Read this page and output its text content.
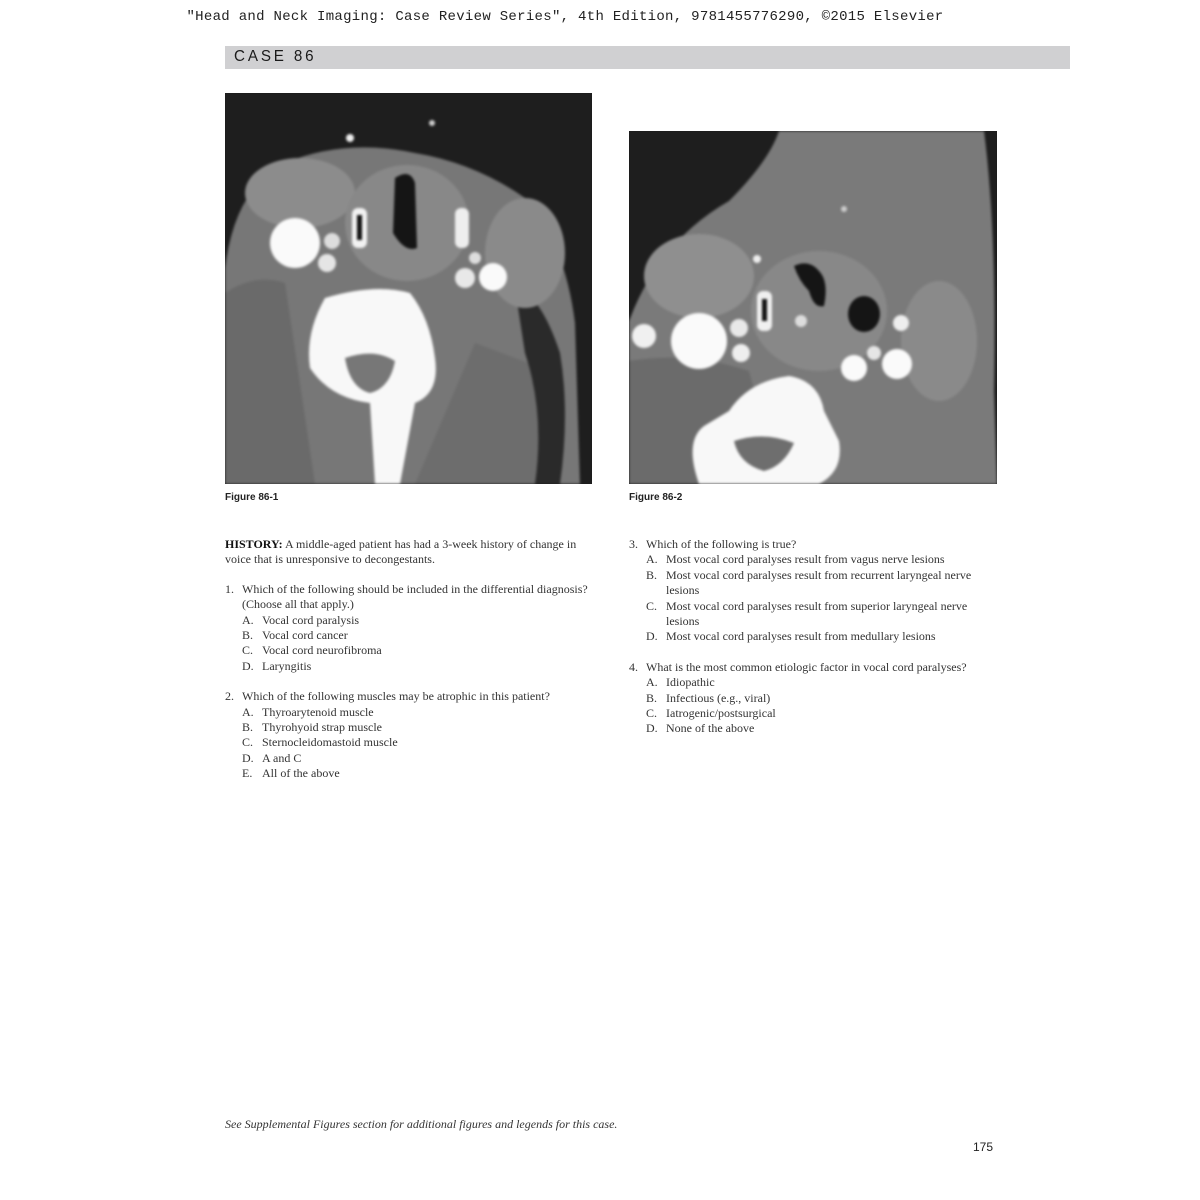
"Head and Neck Imaging: Case Review Series", 4th Edition, 9781455776290, ©2015 Elsevier
CASE 86
Figure 86-1	Figure 86-2

HISTORY: A middle-aged patient has had a 3-week history of change in voice that is unresponsive to decongestants.

1. Which of the following should be included in the differential diagnosis? (Choose all that apply.)
A. Vocal cord paralysis
B. Vocal cord cancer
C. Vocal cord neurofibroma
D. Laryngitis
2. Which of the following muscles may be atrophic in this patient?
A. Thyroarytenoid muscle
B. Thyrohyoid strap muscle
C. Sternocleidomastoid muscle
D. A and C
E. All of the above
3. Which of the following is true?
A. Most vocal cord paralyses result from vagus nerve lesions
B. Most vocal cord paralyses result from recurrent laryngeal nerve lesions
C. Most vocal cord paralyses result from superior laryngeal nerve lesions
D. Most vocal cord paralyses result from medullary lesions
4. What is the most common etiologic factor in vocal cord paralyses?
A. Idiopathic
B. Infectious (e.g., viral)
C. Iatrogenic/postsurgical
D. None of the above
See Supplemental Figures section for additional figures and legends for this case.
175
